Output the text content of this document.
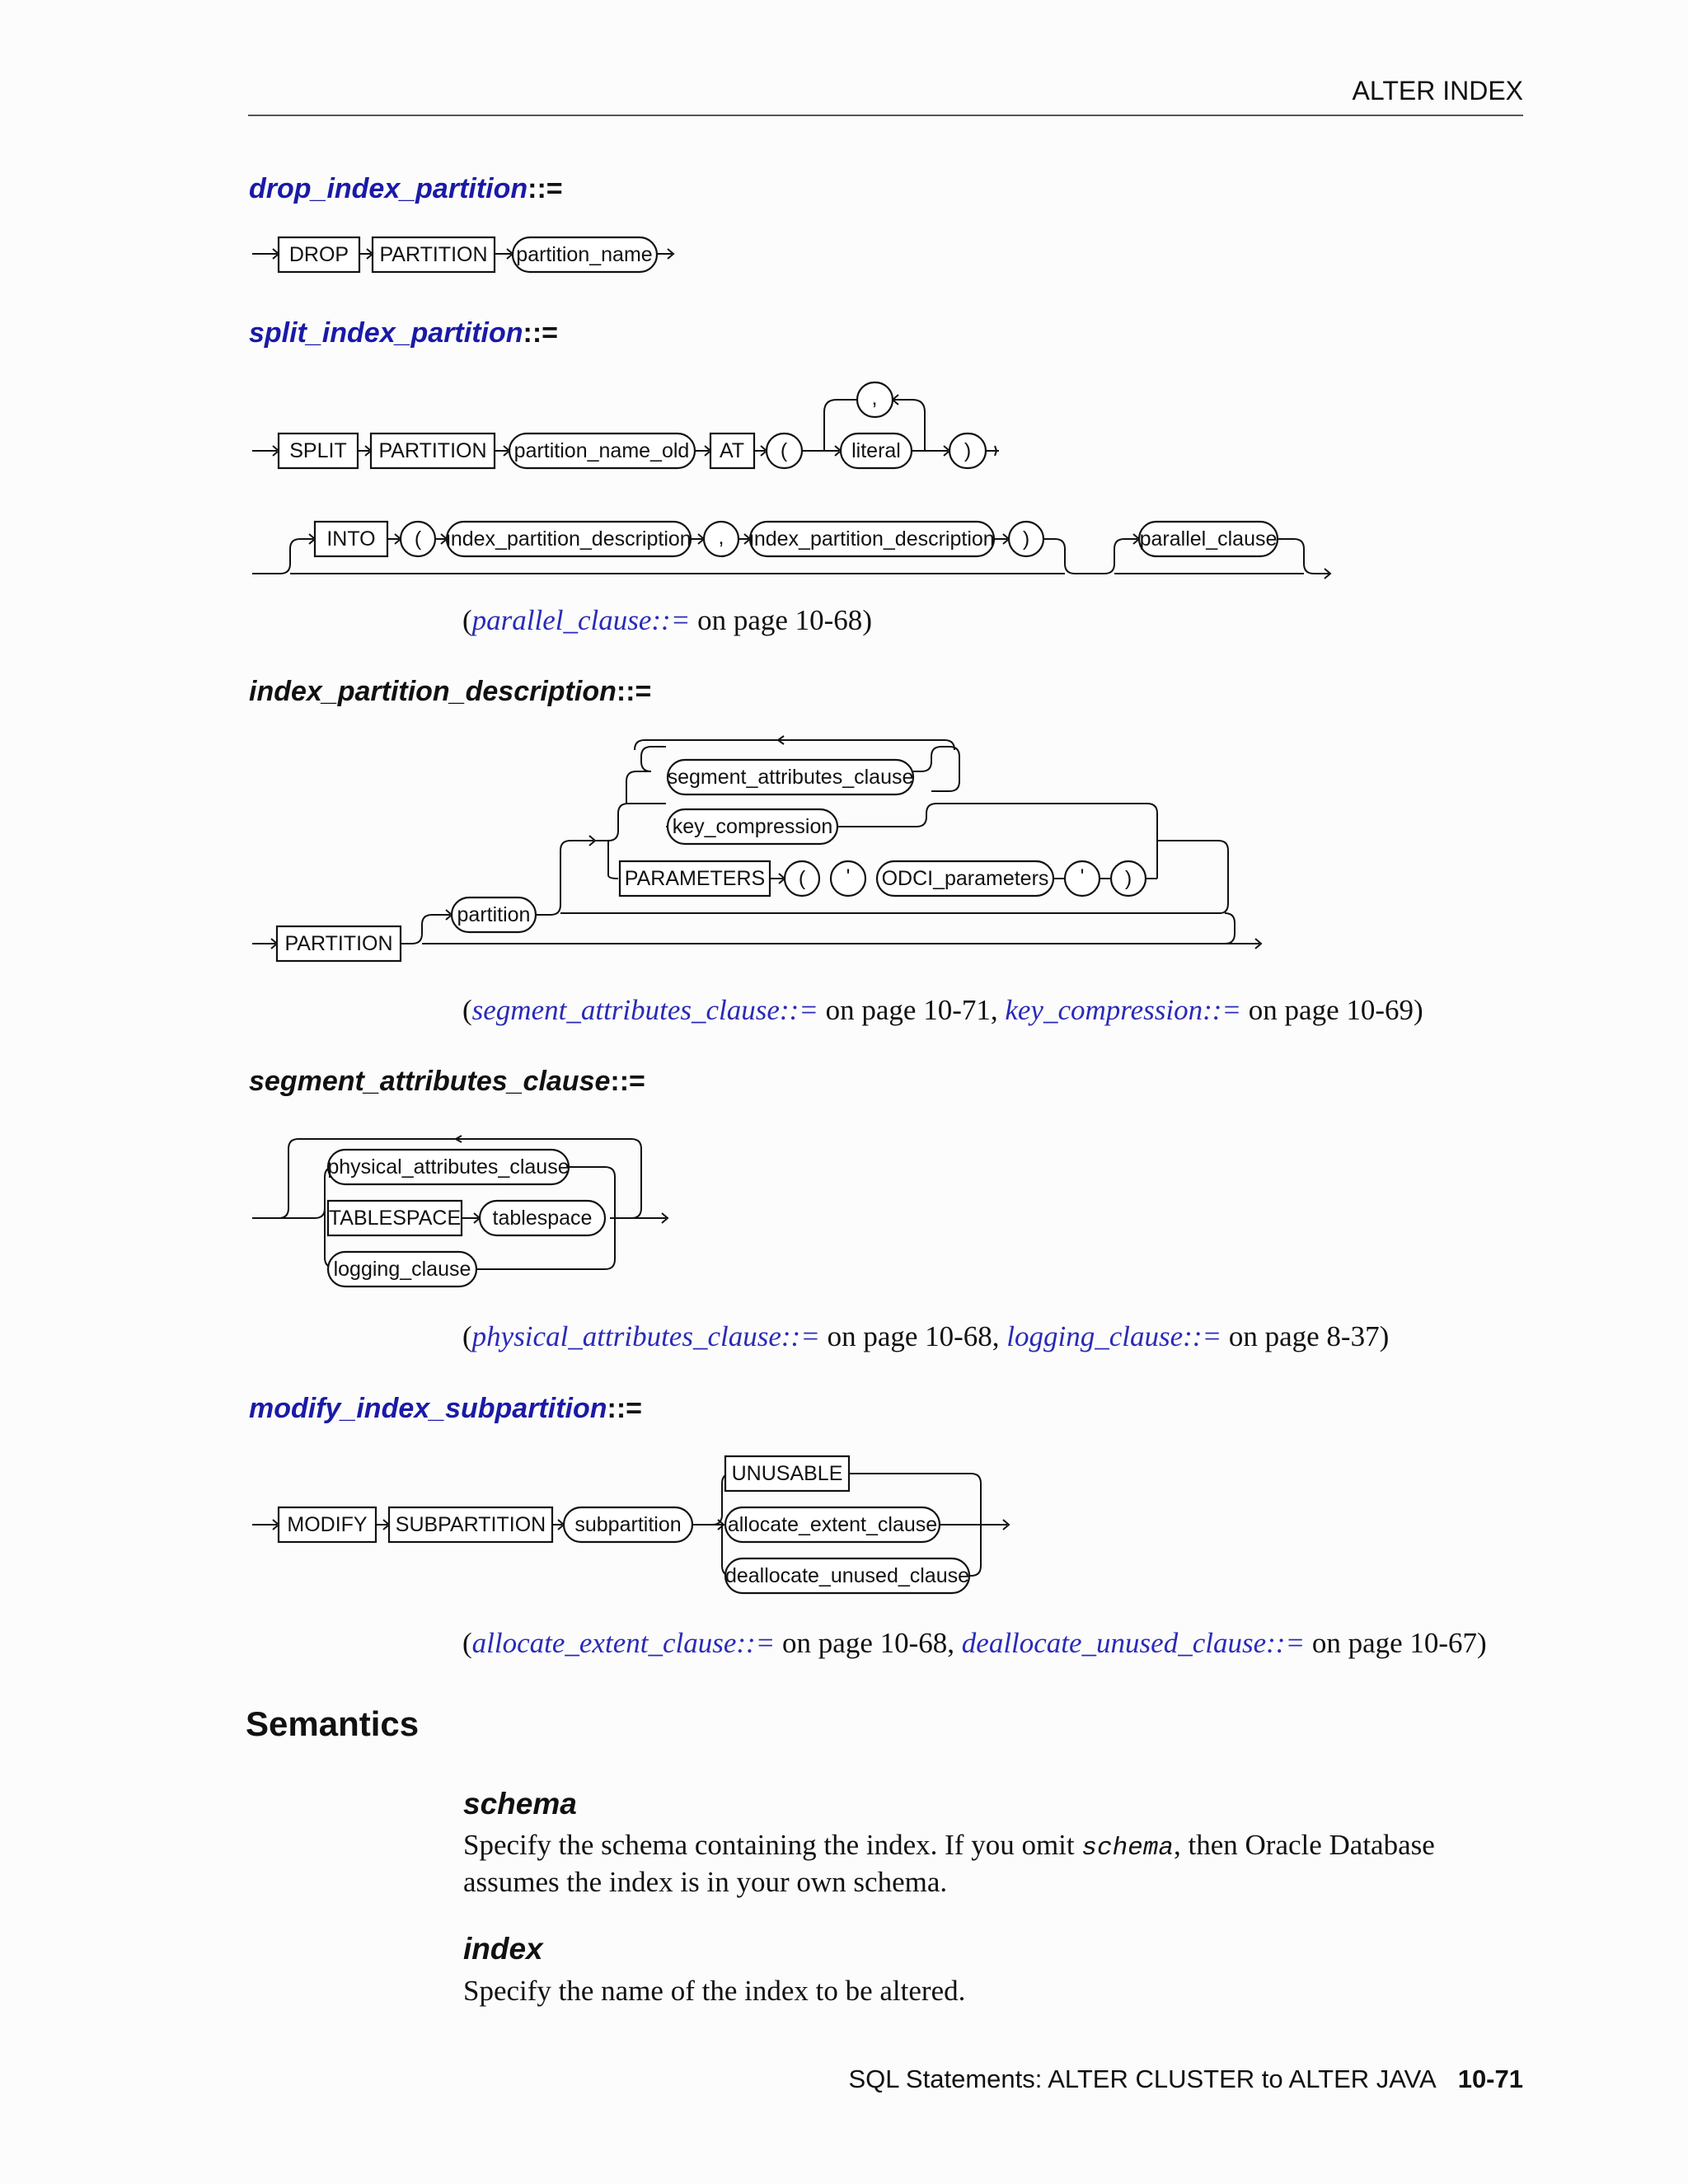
ALTER INDEX
drop_index_partition::=
DROP PARTITION partition_name
SPLIT PARTITION partition_name_old AT (
,
literal	)
INTO ( index_partition_description , index_partition_description )	parallel_clause
PARTITION
partition
segment_attributes_clause
key_compression
PARAMETERS ( ' ODCI_parameters ' )
physical_attributes_clause
TABLESPACE tablespace
logging_clause
MODIFY SUBPARTITION subpartition
UNUSABLE
allocate_extent_clause
deallocate_unused_clause
split_index_partition::=
(parallel_clause::= on page 10-68)
index_partition_description::=
(segment_attributes_clause::= on page 10-71, key_compression::= on page 10-69)
segment_attributes_clause::=
(physical_attributes_clause::= on page 10-68, logging_clause::= on page 8-37)
modify_index_subpartition::=
(allocate_extent_clause::= on page 10-68, deallocate_unused_clause::= on page 10-67)
Semantics
schema
Specify the schema containing the index. If you omit schema, then Oracle Database assumes the index is in your own schema.
index
Specify the name of the index to be altered.
SQL Statements: ALTER CLUSTER to ALTER JAVA 10-71
